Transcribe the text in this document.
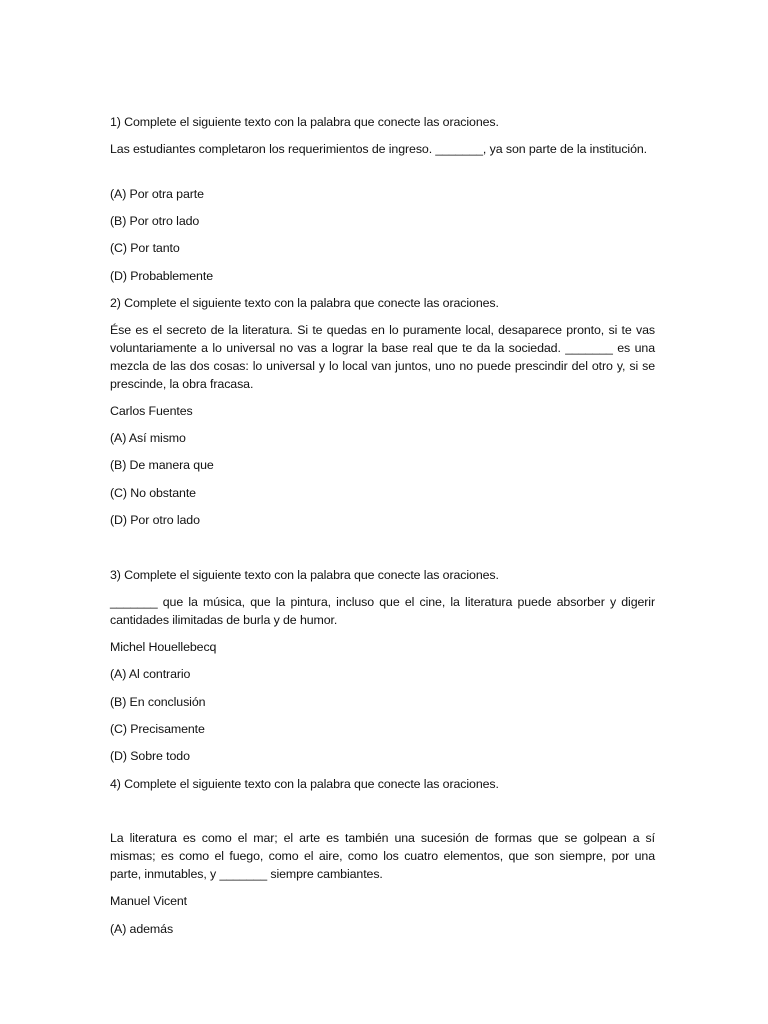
1) Complete el siguiente texto con la palabra que conecte las oraciones.

Las estudiantes completaron los requerimientos de ingreso. _______, ya son parte de la institución.

(A) Por otra parte

(B) Por otro lado

(C) Por tanto

(D) Probablemente

2) Complete el siguiente texto con la palabra que conecte las oraciones.

Ése es el secreto de la literatura. Si te quedas en lo puramente local, desaparece pronto, si te vas voluntariamente a lo universal no vas a lograr la base real que te da la sociedad. _______ es una mezcla de las dos cosas: lo universal y lo local van juntos, uno no puede prescindir del otro y, si se prescinde, la obra fracasa.

Carlos Fuentes

(A) Así mismo

(B) De manera que

(C) No obstante

(D) Por otro lado

3) Complete el siguiente texto con la palabra que conecte las oraciones.

_______ que la música, que la pintura, incluso que el cine, la literatura puede absorber y digerir cantidades ilimitadas de burla y de humor.

Michel Houellebecq

(A) Al contrario

(B) En conclusión

(C) Precisamente

(D) Sobre todo

4) Complete el siguiente texto con la palabra que conecte las oraciones.

La literatura es como el mar; el arte es también una sucesión de formas que se golpean a sí mismas; es como el fuego, como el aire, como los cuatro elementos, que son siempre, por una parte, inmutables, y _______ siempre cambiantes.

Manuel Vicent

(A) además
